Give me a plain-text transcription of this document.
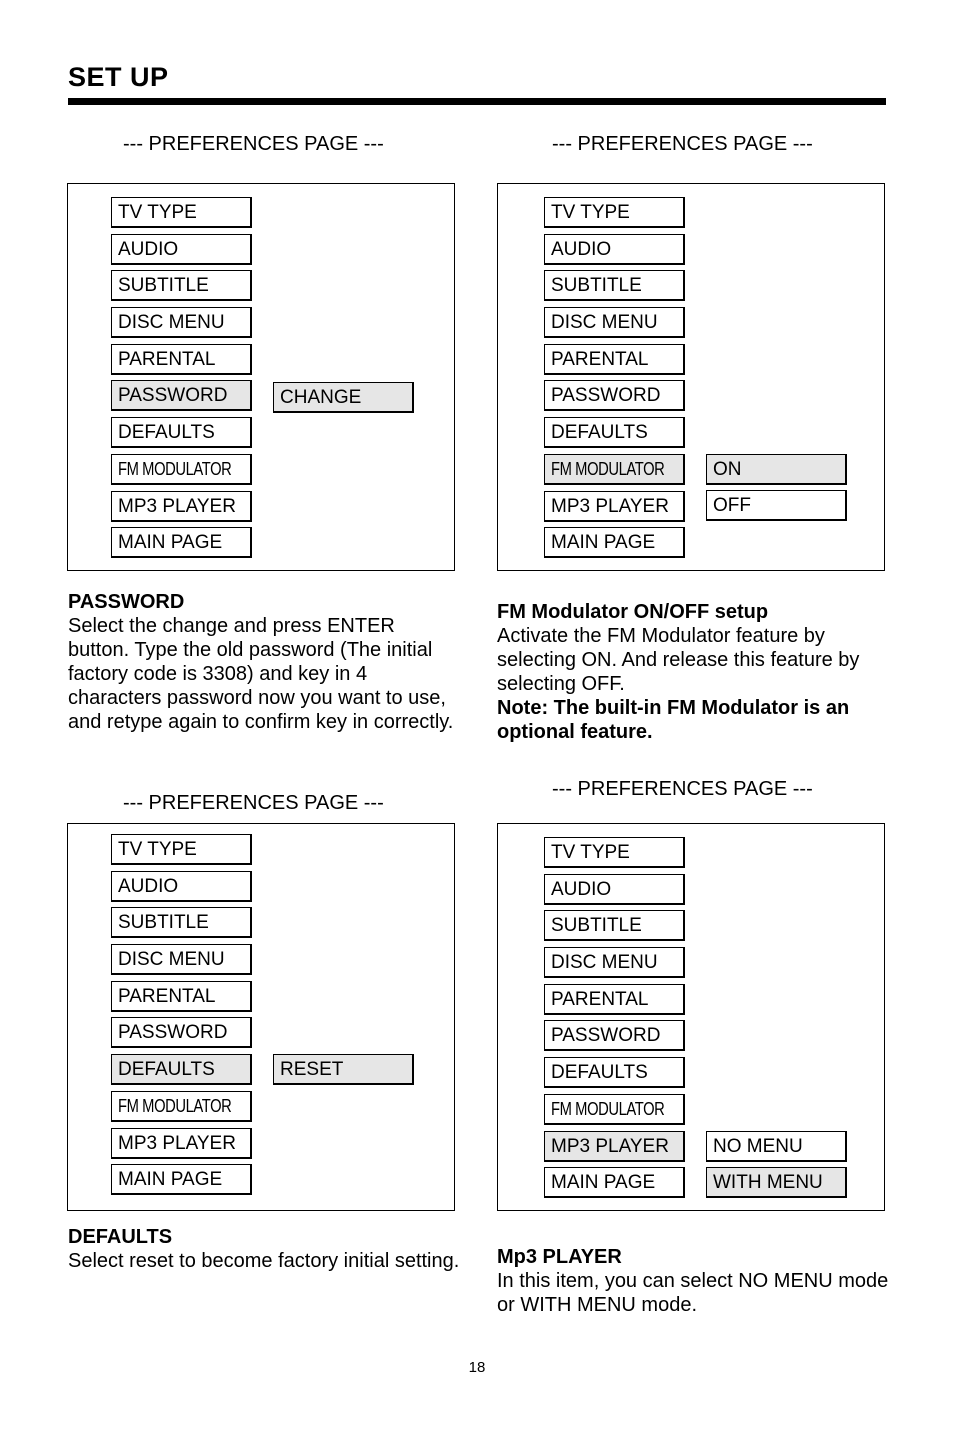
SET UP
--- PREFERENCES PAGE ---
TV TYPE
AUDIO
SUBTITLE
DISC MENU
PARENTAL
PASSWORD
DEFAULTS
FM MODULATOR
MP3 PLAYER
MAIN PAGE
CHANGE
PASSWORD
Select the change and press ENTER button. Type the old password (The initial factory code is 3308) and key in 4 characters password now you want to use, and retype again to confirm key in correctly.
--- PREFERENCES PAGE ---
TV TYPE
AUDIO
SUBTITLE
DISC MENU
PARENTAL
PASSWORD
DEFAULTS
FM MODULATOR
MP3 PLAYER
MAIN PAGE
ON
OFF
FM Modulator ON/OFF setup
Activate the FM Modulator feature by selecting ON. And release this feature by selecting OFF.
Note: The built-in FM Modulator is an optional feature.
--- PREFERENCES PAGE ---
TV TYPE
AUDIO
SUBTITLE
DISC MENU
PARENTAL
PASSWORD
DEFAULTS
FM MODULATOR
MP3 PLAYER
MAIN PAGE
RESET
DEFAULTS
Select reset to become factory initial setting.
--- PREFERENCES PAGE ---
TV TYPE
AUDIO
SUBTITLE
DISC MENU
PARENTAL
PASSWORD
DEFAULTS
FM MODULATOR
MP3 PLAYER
MAIN PAGE
NO MENU
WITH MENU
Mp3 PLAYER
In this item, you can select NO MENU mode or WITH MENU mode.
18
